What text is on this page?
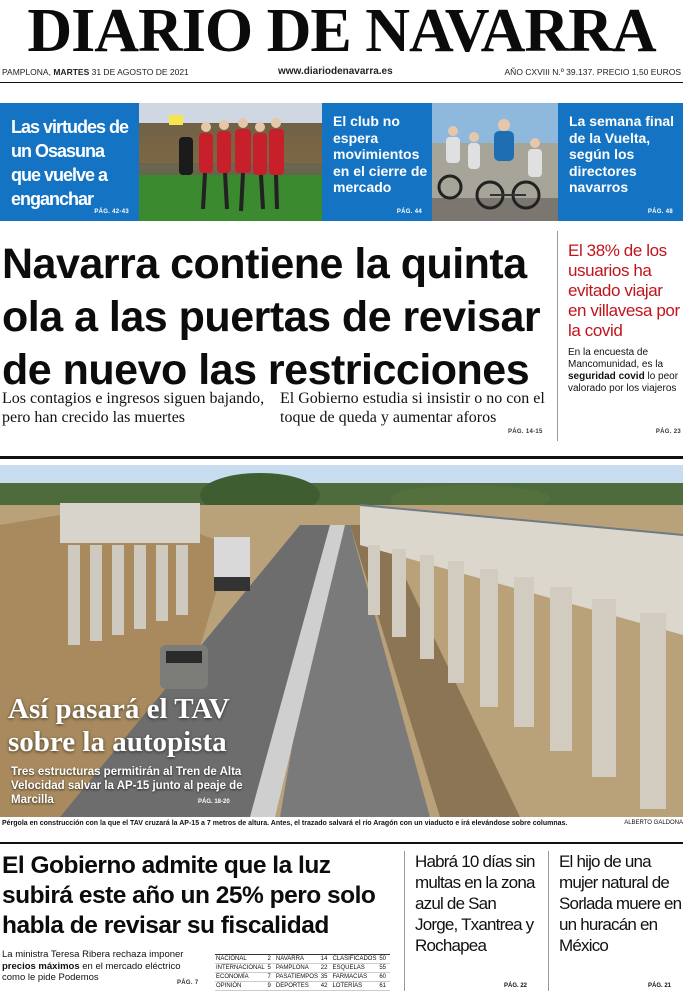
DIARIO DE NAVARRA
PAMPLONA, MARTES 31 DE AGOSTO DE 2021	www.diariodenavarra.es	AÑO CXVIII N.º 39.137. PRECIO 1,50 EUROS
Las virtudes de un Osasuna que vuelve a enganchar
PÁG. 42-43
El club no espera movimientos en el cierre de mercado
PÁG. 44
La semana final de la Vuelta, según los directores navarros
PÁG. 48
Navarra contiene la quinta ola a las puertas de revisar de nuevo las restricciones
Los contagios e ingresos siguen bajando, pero han crecido las muertes
El Gobierno estudia si insistir o no con el toque de queda y aumentar aforos
PÁG. 14-15
El 38% de los usuarios ha evitado viajar en villavesa por la covid
En la encuesta de Mancomunidad, es la seguridad covid lo peor valorado por los viajeros
PÁG. 23
Así pasará el TAV
sobre la autopista
Tres estructuras permitirán al Tren de Alta Velocidad salvar la AP-15 junto al peaje de Marcilla	PÁG. 18-20
Pérgola en construcción con la que el TAV cruzará la AP-15 a 7 metros de altura. Antes, el trazado salvará el río Aragón con un viaducto e irá elevándose sobre columnas.	ALBERTO GALDONA
El Gobierno admite que la luz subirá este año un 25% pero solo habla de revisar su fiscalidad
La ministra Teresa Ribera rechaza imponer precios máximos en el mercado eléctrico como le pide Podemos	PÁG. 7
NACIONAL	2	NAVARRA	14	CLASIFICADOS	50
INTERNACIONAL	5	PAMPLONA	22	ESQUELAS	55
ECONOMÍA	7	PASATIEMPOS	35	FARMACIAS	60
OPINIÓN	9	DEPORTES	42	LOTERÍAS	61
Habrá 10 días sin multas en la zona azul de San Jorge, Txantrea y Rochapea
PÁG. 22
El hijo de una mujer natural de Sorlada muere en un huracán en México
PÁG. 21
